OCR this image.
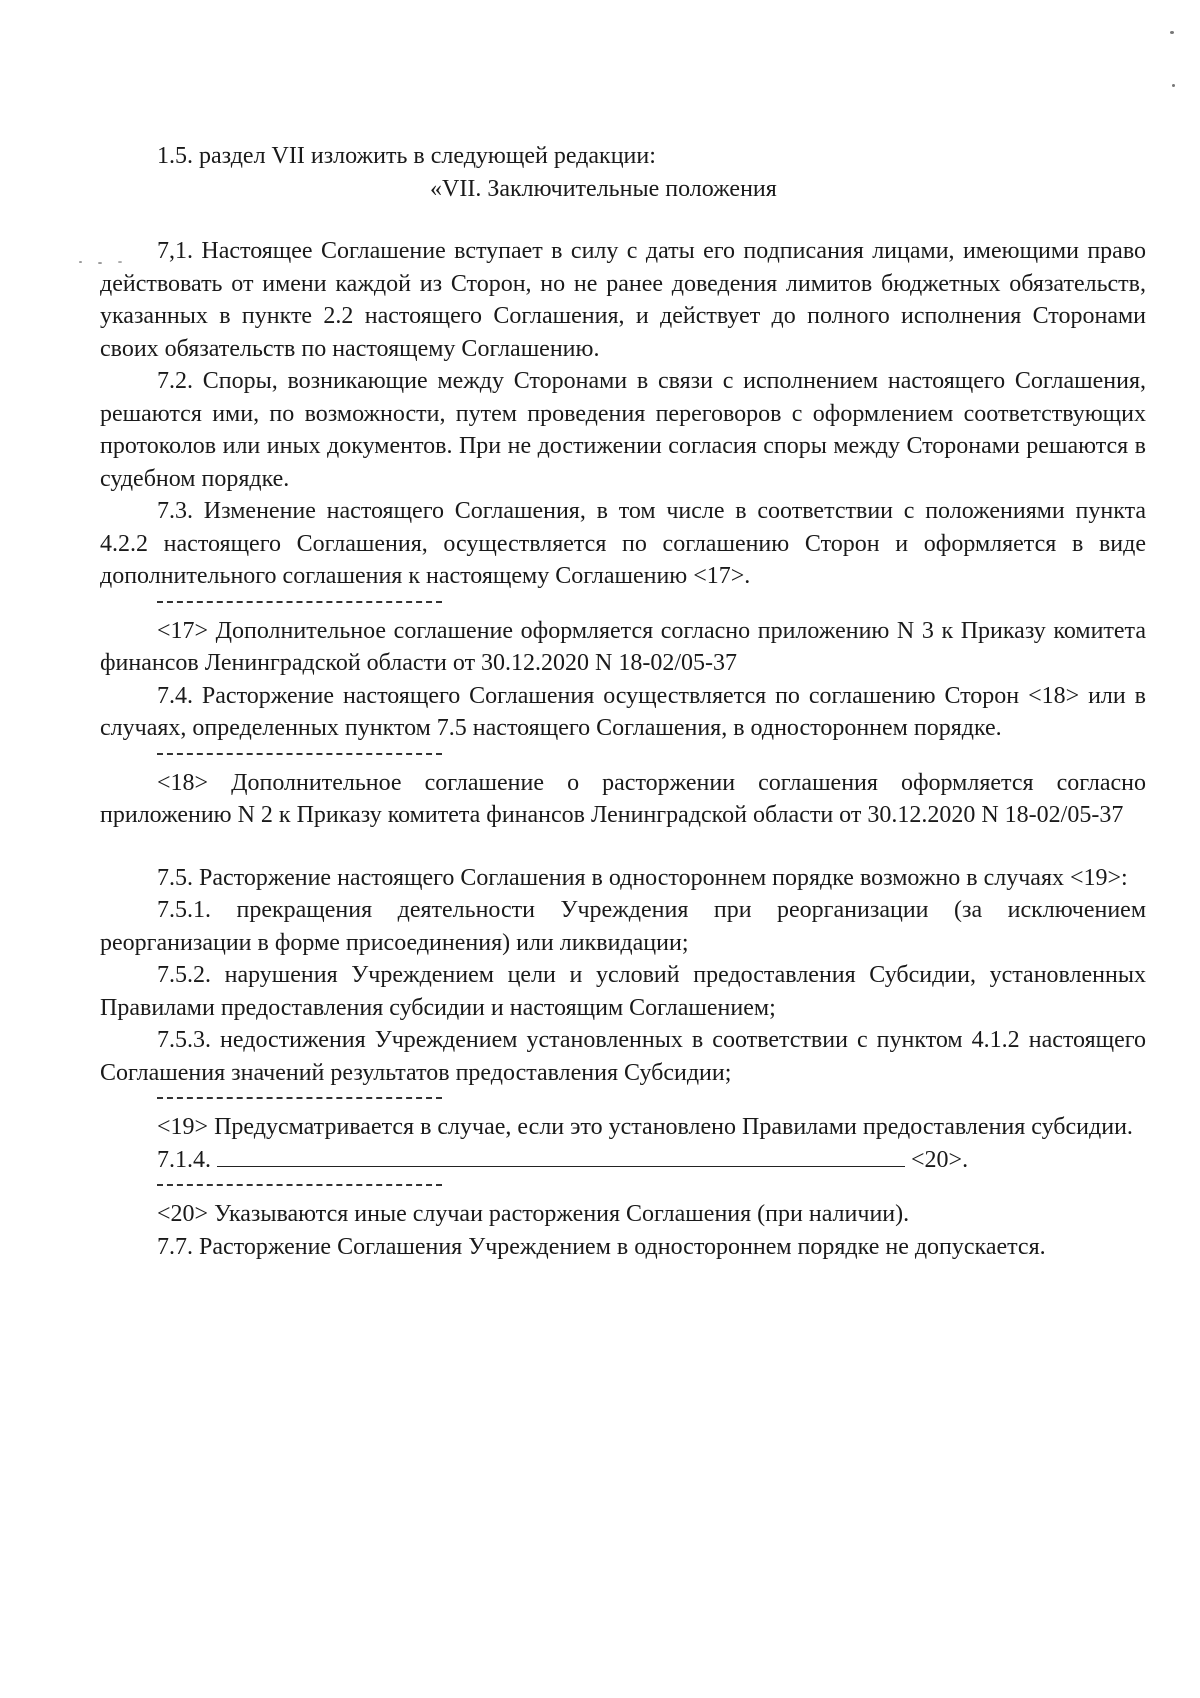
1.5. раздел VII изложить в следующей редакции:

«VII. Заключительные положения

7,1. Настоящее Соглашение вступает в силу с даты его подписания лицами, имеющими право действовать от имени каждой из Сторон, но не ранее доведения лимитов бюджетных обязательств, указанных в пункте 2.2 настоящего Соглашения, и действует до полного исполнения Сторонами своих обязательств по настоящему Соглашению.

7.2. Споры, возникающие между Сторонами в связи с исполнением настоящего Соглашения, решаются ими, по возможности, путем проведения переговоров с оформлением соответствующих протоколов или иных документов. При не достижении согласия споры между Сторонами решаются в судебном порядке.

7.3. Изменение настоящего Соглашения, в том числе в соответствии с положениями пункта 4.2.2 настоящего Соглашения, осуществляется по соглашению Сторон и оформляется в виде дополнительного соглашения к настоящему Соглашению <17>.

<17> Дополнительное соглашение оформляется согласно приложению N 3 к Приказу комитета финансов Ленинградской области от 30.12.2020 N 18-02/05-37

7.4. Расторжение настоящего Соглашения осуществляется по соглашению Сторон <18> или в случаях, определенных пунктом 7.5 настоящего Соглашения, в одностороннем порядке.

<18> Дополнительное соглашение о расторжении соглашения оформляется согласно приложению N 2 к Приказу комитета финансов Ленинградской области от 30.12.2020 N 18-02/05-37

7.5. Расторжение настоящего Соглашения в одностороннем порядке возможно в случаях <19>:

7.5.1. прекращения деятельности Учреждения при реорганизации (за исключением реорганизации в форме присоединения) или ликвидации;

7.5.2. нарушения Учреждением цели и условий предоставления Субсидии, установленных Правилами предоставления субсидии и настоящим Соглашением;

7.5.3. недостижения Учреждением установленных в соответствии с пунктом 4.1.2 настоящего Соглашения значений результатов предоставления Субсидии;

<19> Предусматривается в случае, если это установлено Правилами предоставления субсидии.

7.1.4.	<20>.

<20> Указываются иные случаи расторжения Соглашения (при наличии).

7.7. Расторжение Соглашения Учреждением в одностороннем порядке не допускается.
